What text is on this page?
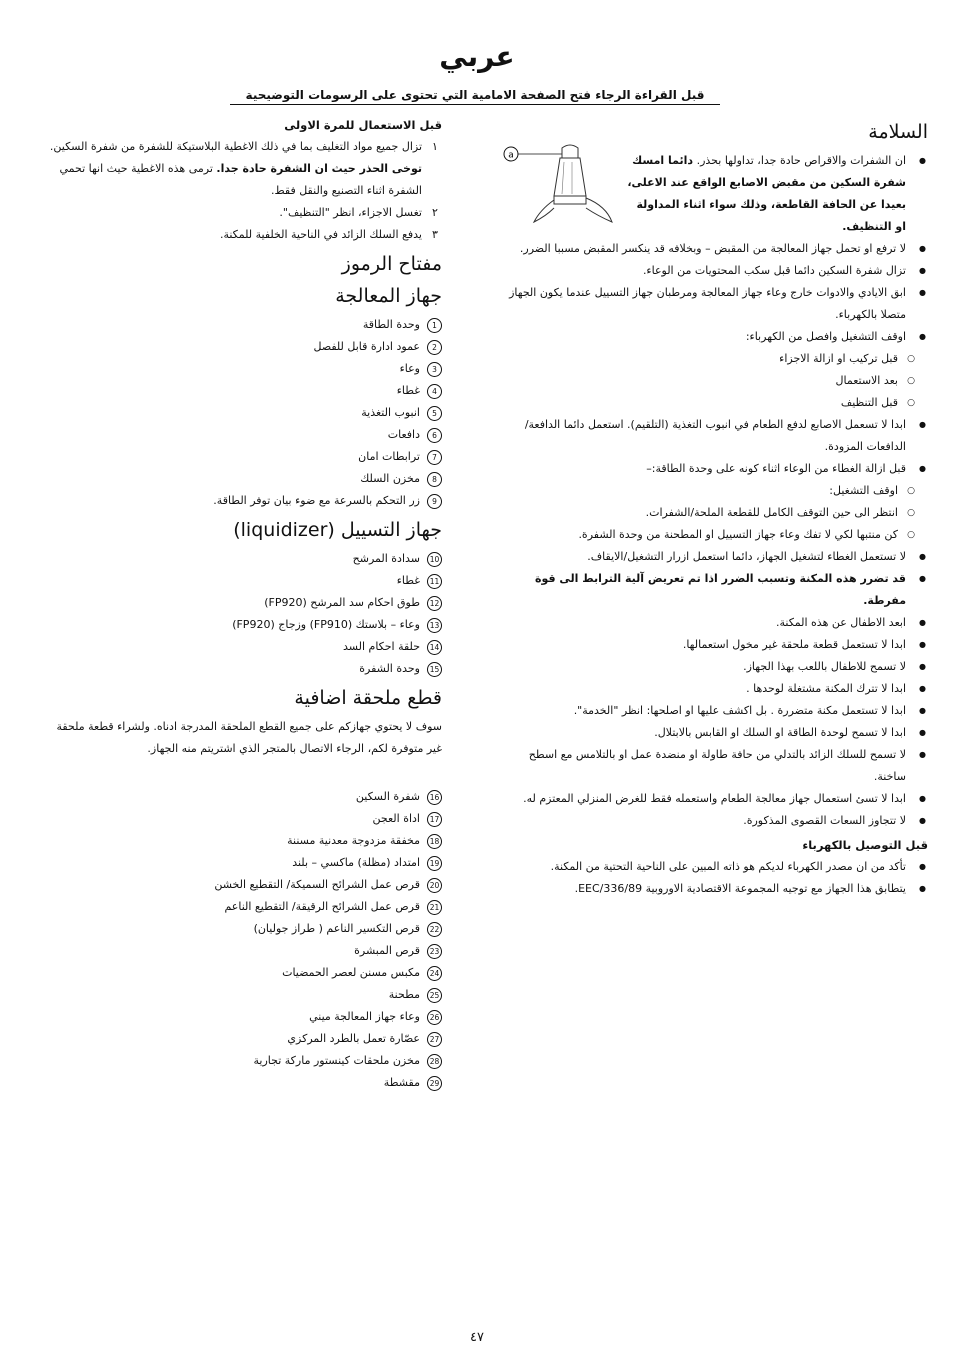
عربي
قبل القراءة الرجاء فتح الصفحة الامامية التي تحتوى على الرسومات التوضيحية

قبل الاستعمال للمرة الاولى

١
تزال جميع مواد التغليف بما في ذلك الاغطية البلاستيكة للشفرة من شفرة السكين. توخى الحذر حيث ان الشفرة حادة جدا. ترمى هذه الاغطية حيث انها تحمي الشفرة اثناء التصنيع والنقل فقط.
٢
تغسل الاجزاء، انظر "التنظيف".
٣
يدفع السلك الزائد في الناحية الخلفية للمكنة.
مفتاح الرموز
جهاز المعالجة
1
وحدة الطاقة
2
عمود ادارة قابل للفصل
3
وعاء
4
غطاء
5
انبوب التغذية
6
دافعات
7
ترابطات امان
8
مخزن السلك
9
زر التحكم بالسرعة مع ضوء بيان توفر الطاقة.
جهاز التسييل (liquidizer)
10
سدادة المرشح
11
غطاء
12
طوق احكام سد المرشح (FP920)
13
وعاء – بلاستك (FP910) وزجاج (FP920)
14
حلقة احكام السد
15
وحدة الشفرة
قطع ملحقة اضافية

سوف لا يحتوي جهازكم على جميع القطع الملحقة المدرجة ادناه. ولشراء قطعة ملحقة غير متوفرة لكم، الرجاء الاتصال بالمتجر الذي اشتريتم منه الجهاز.

16
شفرة السكين
17
اداة العجن
18
مخفقة مزدوجة معدنية مسننة
19
امتداد (مظلة) ماكسي – بلند
20
قرص عمل الشرائح السميكة/ التقطيع الخشن
21
قرص عمل الشرائح الرقيقة/ التقطيع الناعم
22
قرص التكسير الناعم ( طراز جوليان)
23
قرص المبشرة
24
مكبس مسنن لعصر الحمضيات
25
مطحنة
26
وعاء جهاز المعالجة ميني
27
عصّارة تعمل بالطرد المركزي
28
مخزن ملحقات كينستور ماركة تجارية
29
مقشطة
a
السلامة
● ان الشفرات والاقراص حادة جدا، تداولها بحذر. دائما امسك شفرة السكين من مقبض الاصابع الواقع عند الاعلى، بعيدا عن الحافة القاطعة، وذلك سواء اثناء المداولة او التنظيف.
● لا ترفع او تحمل جهاز المعالجة من المقبض – وبخلافه قد ينكسر المقبض مسببا الضرر.
● تزال شفرة السكين دائما قبل سكب المحتويات من الوعاء.
● ابق الايادي والادوات خارج وعاء جهاز المعالجة ومرطبان جهاز التسييل عندما يكون الجهاز متصلا بالكهرباء.
● اوقف التشغيل وافصل من الكهرباء:
○ قبل تركيب او ازالة الاجزاء
○ بعد الاستعمال
○ قبل التنظيف
● ابدا لا تسعمل الاصابع لدفع الطعام في انبوب التغذية (التلقيم). استعمل دائما الدافعة/الدافعات المزودة.
● قبل ازالة الغطاء من الوعاء اثناء كونه على وحدة الطاقة:–
○ اوقف التشغيل:
○ انتظر الى حين التوقف الكامل للقطعة الملحة/الشفرات.
○ كن منتبها لكي لا تفك وعاء جهاز التسييل او المطحنة من وحدة الشفرة.
● لا تستعمل الغطاء لتشغيل الجهاز، دائما استعمل ازرار التشغيل/الايقاف.
● قد تضرر هذه المكنة وتسبب الضرر اذا تم تعريض آلية الترابط الى قوة مفرطة.
● ابعد الاطفال عن هذه المكنة.
● ابدا لا تستعمل قطعة ملحقة غير مخول استعمالها.
● لا تسمح للاطفال باللعب بهذا الجهاز.
● ابدا لا تترك المكنة مشتغلة لوحدها .
● ابدا لا تستعمل مكنة متضررة . بل اكشف عليها او اصلحها: انظر "الخدمة".
● ابدا لا تسمح لوحدة الطاقة او السلك او القابس بالابتلال.
● لا تسمح للسلك الزائد بالتدلي من حافة طاولة او منضدة عمل او بالتلامس مع اسطح ساخنة.
● ابدا لا تسئ استعمال جهاز معالجة الطعام واستعمله فقط للغرض المنزلي المعتزم له.
● لا تتجاوز السعات القصوى المذكورة.

قبل التوصيل بالكهرباء

● تأكد من ان مصدر الكهرباء لديكم هو ذاته المبين على الناحية التحتية من المكنة.
● يتطابق هذا الجهاز مع توجيه المجموعة الاقتصادية الاوروبية EEC/336/89.
٤٧
